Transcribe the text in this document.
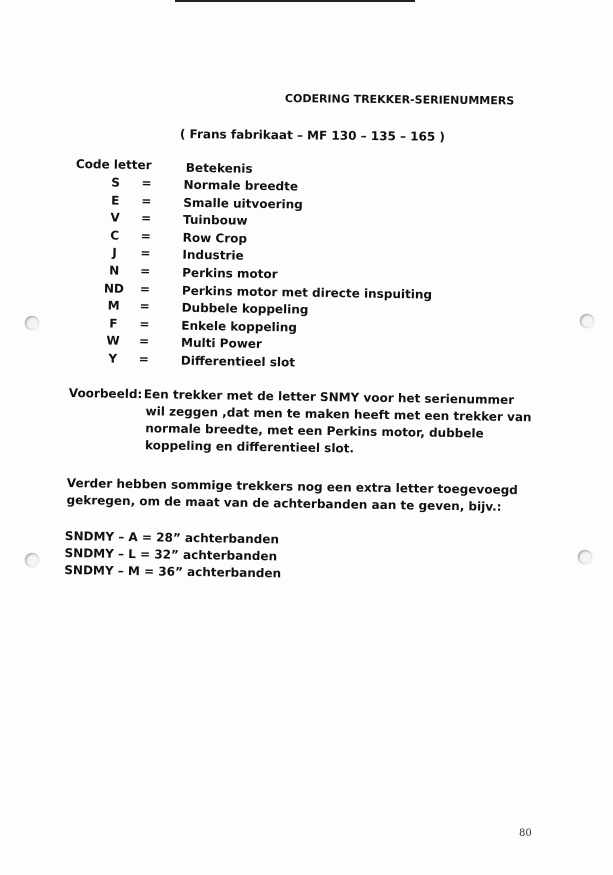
CODERING TREKKER-SERIENUMMERS
( Frans fabrikaat – MF 130 – 135 – 165 )
Code letter	Betekenis
S	=	Normale breedte
E	=	Smalle uitvoering
V	=	Tuinbouw
C	=	Row Crop
J	=	Industrie
N	=	Perkins motor
ND	=	Perkins motor met directe inspuiting
M	=	Dubbele koppeling
F	=	Enkele koppeling
W	=	Multi Power
Y	=	Differentieel slot
Voorbeeld: Een trekker met de letter SNMY voor het serienummer
wil zeggen ,dat men te maken heeft met een trekker van
normale breedte, met een Perkins motor, dubbele
koppeling en differentieel slot.
Verder hebben sommige trekkers nog een extra letter toegevoegd
gekregen, om de maat van de achterbanden aan te geven, bijv.:
SNDMY – A = 28” achterbanden
SNDMY – L = 32” achterbanden
SNDMY – M = 36” achterbanden
80
